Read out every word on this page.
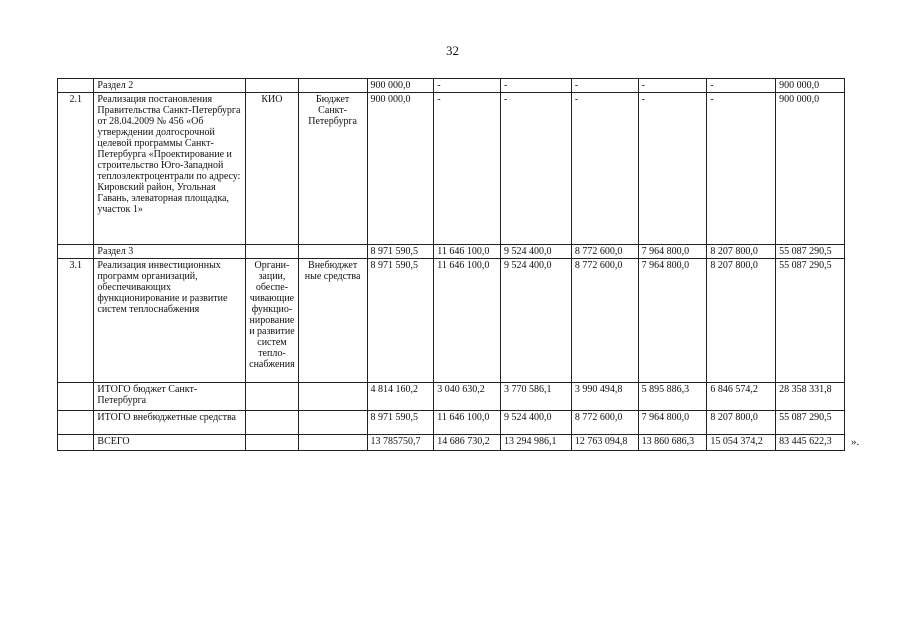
32
	Раздел 2			900 000,0	-	-	-	-	-	900 000,0
2.1	Реализация постановления Правительства Санкт-Петербурга от 28.04.2009 № 456 «Об утверждении долгосрочной целевой программы Санкт-Петербурга «Проектирование и строительство Юго-Западной теплоэлектроцентрали по адресу: Кировский район, Угольная Гавань, элеваторная площадка, участок 1»	КИО	Бюджет Санкт-Петербурга	900 000,0	-	-	-	-	-	900 000,0
	Раздел 3			8 971 590,5	11 646 100,0	9 524 400,0	8 772 600,0	7 964 800,0	8 207 800,0	55 087 290,5
3.1	Реализация инвестиционных программ организаций, обеспечивающих функционирование и развитие систем теплоснабжения	Органи-зации, обеспе-чивающие функцио-нирование и развитие систем тепло-снабжения	Внебюджет ные средства	8 971 590,5	11 646 100,0	9 524 400,0	8 772 600,0	7 964 800,0	8 207 800,0	55 087 290,5
	ИТОГО бюджет Санкт-Петербурга			4 814 160,2	3 040 630,2	3 770 586,1	3 990 494,8	5 895 886,3	6 846 574,2	28 358 331,8
	ИТОГО внебюджетные средства			8 971 590,5	11 646 100,0	9 524 400,0	8 772 600,0	7 964 800,0	8 207 800,0	55 087 290,5
	ВСЕГО			13 785750,7	14 686 730,2	13 294 986,1	12 763 094,8	13 860 686,3	15 054 374,2	83 445 622,3 ».
